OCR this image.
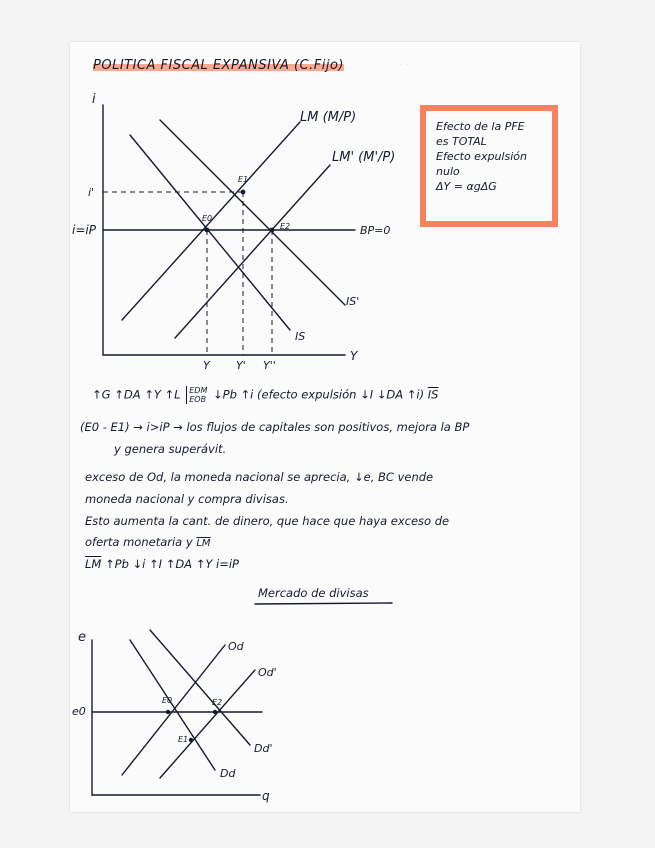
· · · · ·
POLITICA FISCAL EXPANSIVA (C.Fijo)
i
Y
i'
i=iP
LM (M/P)
LM' (M'/P)
BP=0
IS
IS'
E0
E1
E2
Y Y' Y''
Efecto de la PFE
es TOTAL
Efecto expulsión
nulo
ΔY = αgΔG
↑G ↑DA ↑Y ↑L EDM
EOB ↓Pb ↑i (efecto expulsión ↓I ↓DA ↑i) $\overline{IS}$
(E0 - E1) → i>iP → los flujos de capitales son positivos, mejora la BP
y genera superávit.
exceso de Od, la moneda nacional se aprecia, ↓e, BC vende
moneda nacional y compra divisas.
Esto aumenta la cant. de dinero, que hace que haya exceso de
oferta monetaria y $\overline{LM}$
$\overline{LM}$ ↑Pb ↓i ↑I ↑DA ↑Y i=iP
Mercado de divisas
e
q
e0
Od
Od'
Dd
Dd'
E0
E1
E2
